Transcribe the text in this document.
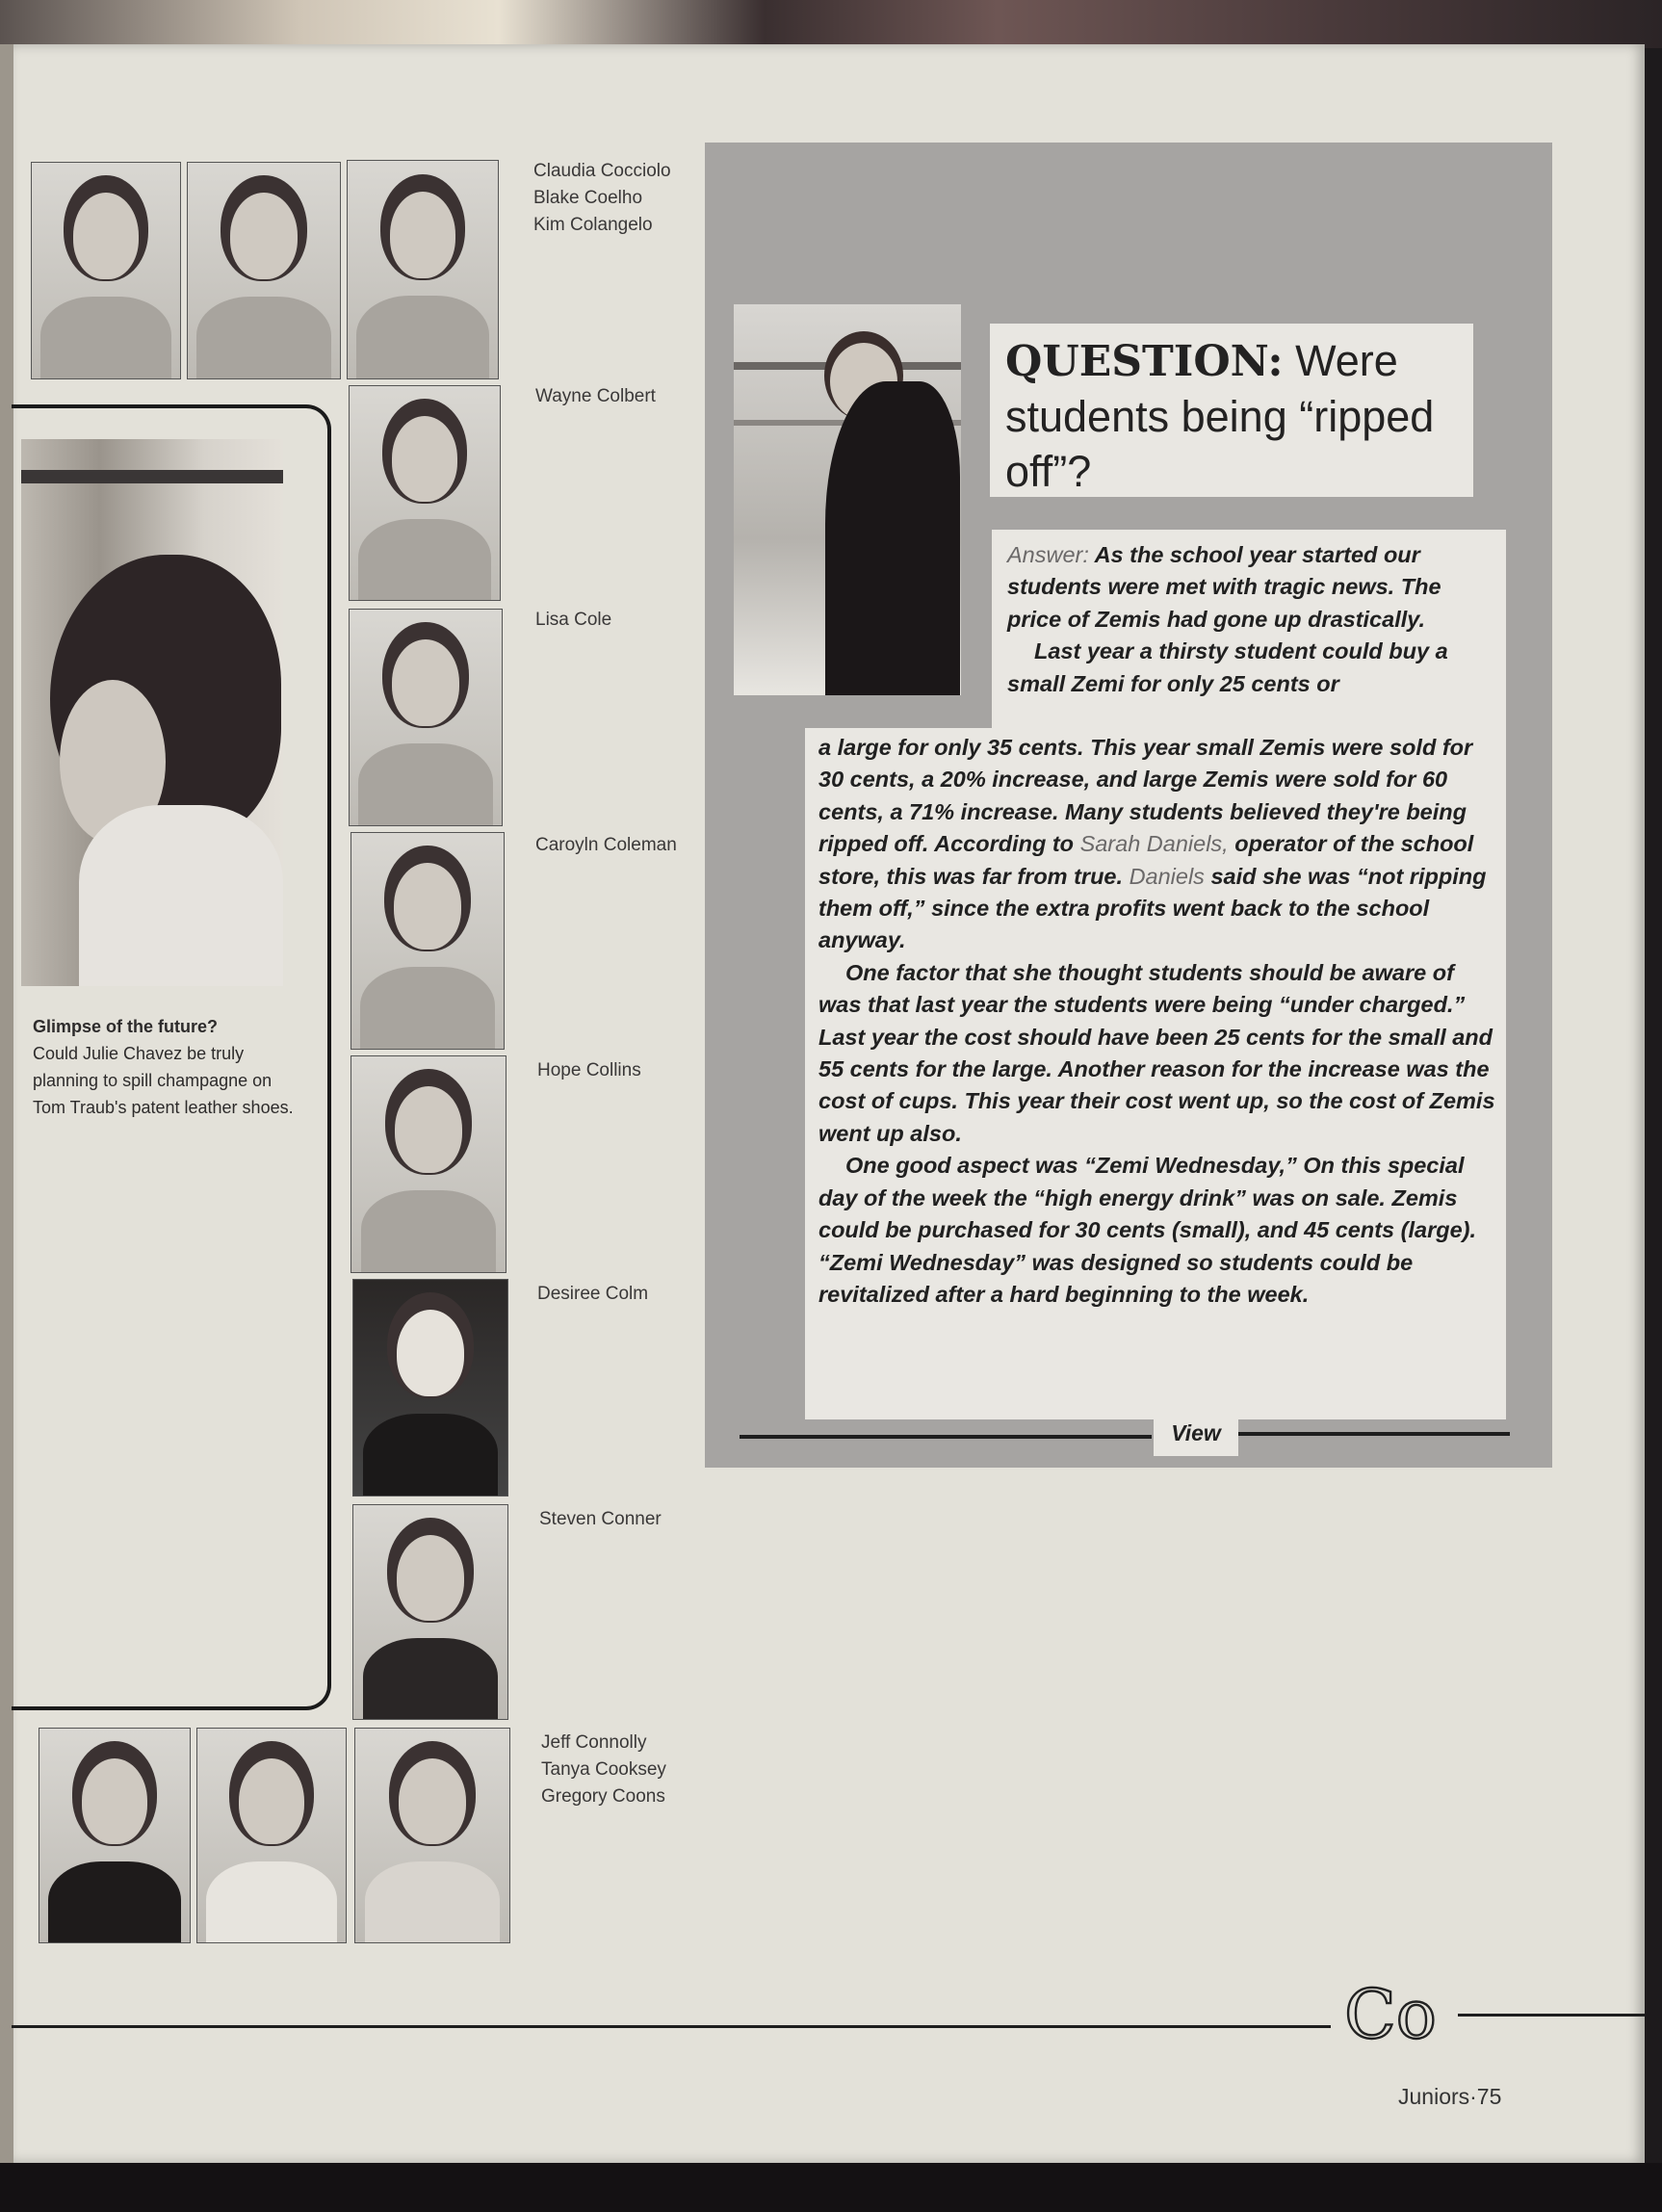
Claudia Cocciolo
Blake Coelho
Kim Colangelo
Glimpse of the future?
Could Julie Chavez be truly planning to spill champagne on Tom Traub's patent leather shoes.
Wayne Colbert
Lisa Cole
Caroyln Coleman
Hope Collins
Desiree Colm
Steven Conner
Jeff Connolly
Tanya Cooksey
Gregory Coons
QUESTION: Were students being “ripped off”?

Answer: As the school year started our students were met with tragic news. The price of Zemis had gone up drastically.

Last year a thirsty student could buy a small Zemi for only 25 cents or

a large for only 35 cents. This year small Zemis were sold for 30 cents, a 20% increase, and large Zemis were sold for 60 cents, a 71% increase. Many students believed they're being ripped off. According to Sarah Daniels, operator of the school store, this was far from true. Daniels said she was “not ripping them off,” since the extra profits went back to the school anyway.

One factor that she thought students should be aware of was that last year the students were being “under charged.” Last year the cost should have been 25 cents for the small and 55 cents for the large. Another reason for the increase was the cost of cups. This year their cost went up, so the cost of Zemis went up also.

One good aspect was “Zemi Wednesday,” On this special day of the week the “high energy drink” was on sale. Zemis could be purchased for 30 cents (small), and 45 cents (large). “Zemi Wednesday” was designed so students could be revitalized after a hard beginning to the week.

View
Co
Juniors·75
